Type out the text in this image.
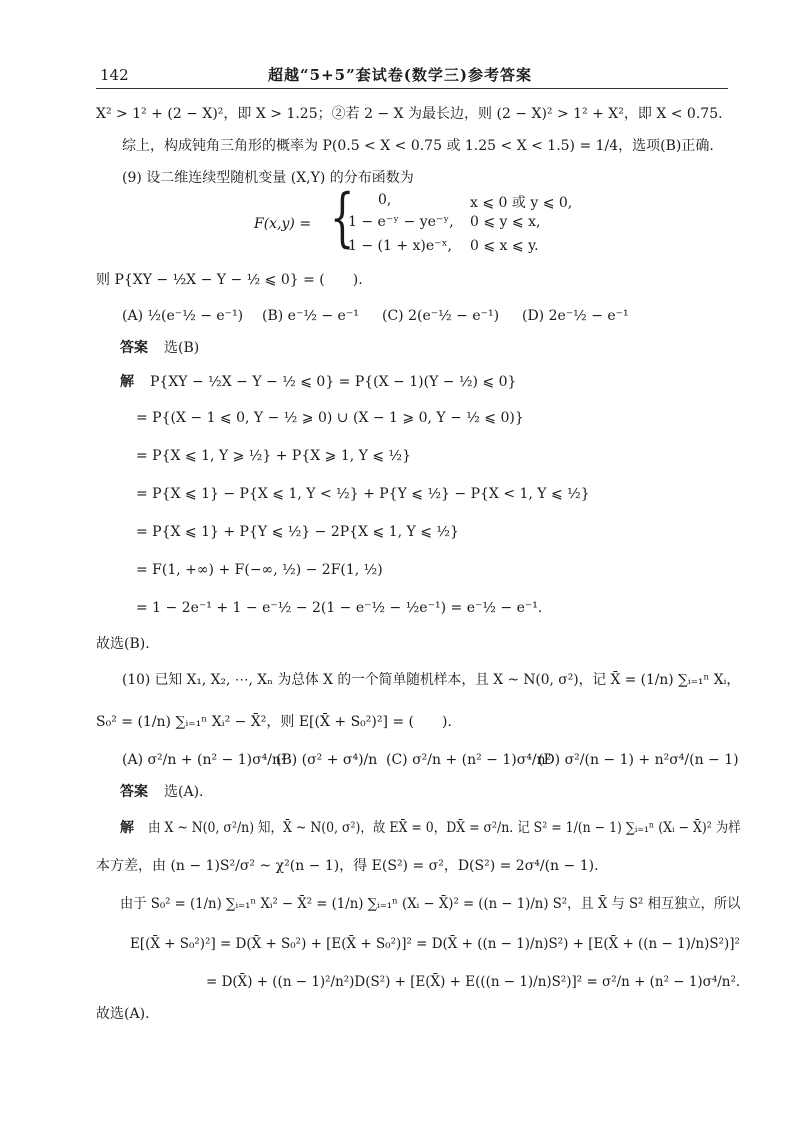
142	超越“5+5”套试卷(数学三)参考答案
X² > 1² + (2 − X)²，即 X > 1.25；②若 2 − X 为最长边，则 (2 − X)² > 1² + X²，即 X < 0.75.
综上，构成钝角三角形的概率为 P(0.5 < X < 0.75 或 1.25 < X < 1.5) = 1/4，选项(B)正确.
(9) 设二维连续型随机变量 (X,Y) 的分布函数为
F(x,y) = { 0,	x ⩽ 0 或 y ⩽ 0,
1 − e⁻ʸ − ye⁻ʸ, 0 ⩽ y ⩽ x,
1 − (1 + x)e⁻ˣ, 0 ⩽ x ⩽ y.
则 P{XY − ½X − Y − ½ ⩽ 0} = (　　).
(A) ½(e⁻½ − e⁻¹) (B) e⁻½ − e⁻¹ (C) 2(e⁻½ − e⁻¹) (D) 2e⁻½ − e⁻¹
答案 选(B)
解 P{XY − ½X − Y − ½ ⩽ 0} = P{(X − 1)(Y − ½) ⩽ 0}
= P{(X − 1 ⩽ 0, Y − ½ ⩾ 0) ∪ (X − 1 ⩾ 0, Y − ½ ⩽ 0)}
= P{X ⩽ 1, Y ⩾ ½} + P{X ⩾ 1, Y ⩽ ½}
= P{X ⩽ 1} − P{X ⩽ 1, Y < ½} + P{Y ⩽ ½} − P{X < 1, Y ⩽ ½}
= P{X ⩽ 1} + P{Y ⩽ ½} − 2P{X ⩽ 1, Y ⩽ ½}
= F(1, +∞) + F(−∞, ½) − 2F(1, ½)
= 1 − 2e⁻¹ + 1 − e⁻½ − 2(1 − e⁻½ − ½e⁻¹) = e⁻½ − e⁻¹.
故选(B).
(10) 已知 X₁, X₂, ⋯, Xₙ 为总体 X 的一个简单随机样本，且 X ~ N(0, σ²)，记 X̄ = (1/n) ∑ᵢ₌₁ⁿ Xᵢ，
S₀² = (1/n) ∑ᵢ₌₁ⁿ Xᵢ² − X̄²，则 E[(X̄ + S₀²)²] = (　　).
(A) σ²/n + (n² − 1)σ⁴/n²
(B) (σ² + σ⁴)/n (C) σ²/n + (n² − 1)σ⁴/n²
(D) σ²/(n − 1) + n²σ⁴/(n − 1)
答案 选(A).
解 由 X ~ N(0, σ²/n) 知，X̄ ~ N(0, σ²)，故 EX̄ = 0，DX̄ = σ²/n. 记 S² = 1/(n − 1) ∑ᵢ₌₁ⁿ (Xᵢ − X̄)² 为样
本方差，由 (n − 1)S²/σ² ~ χ²(n − 1)，得 E(S²) = σ²，D(S²) = 2σ⁴/(n − 1).
由于 S₀² = (1/n) ∑ᵢ₌₁ⁿ Xᵢ² − X̄² = (1/n) ∑ᵢ₌₁ⁿ (Xᵢ − X̄)² = ((n − 1)/n) S²，且 X̄ 与 S² 相互独立，所以
E[(X̄ + S₀²)²] = D(X̄ + S₀²) + [E(X̄ + S₀²)]² = D(X̄ + ((n − 1)/n)S²) + [E(X̄ + ((n − 1)/n)S²)]²
= D(X̄) + ((n − 1)²/n²)D(S²) + [E(X̄) + E(((n − 1)/n)S²)]² = σ²/n + (n² − 1)σ⁴/n².
故选(A).
